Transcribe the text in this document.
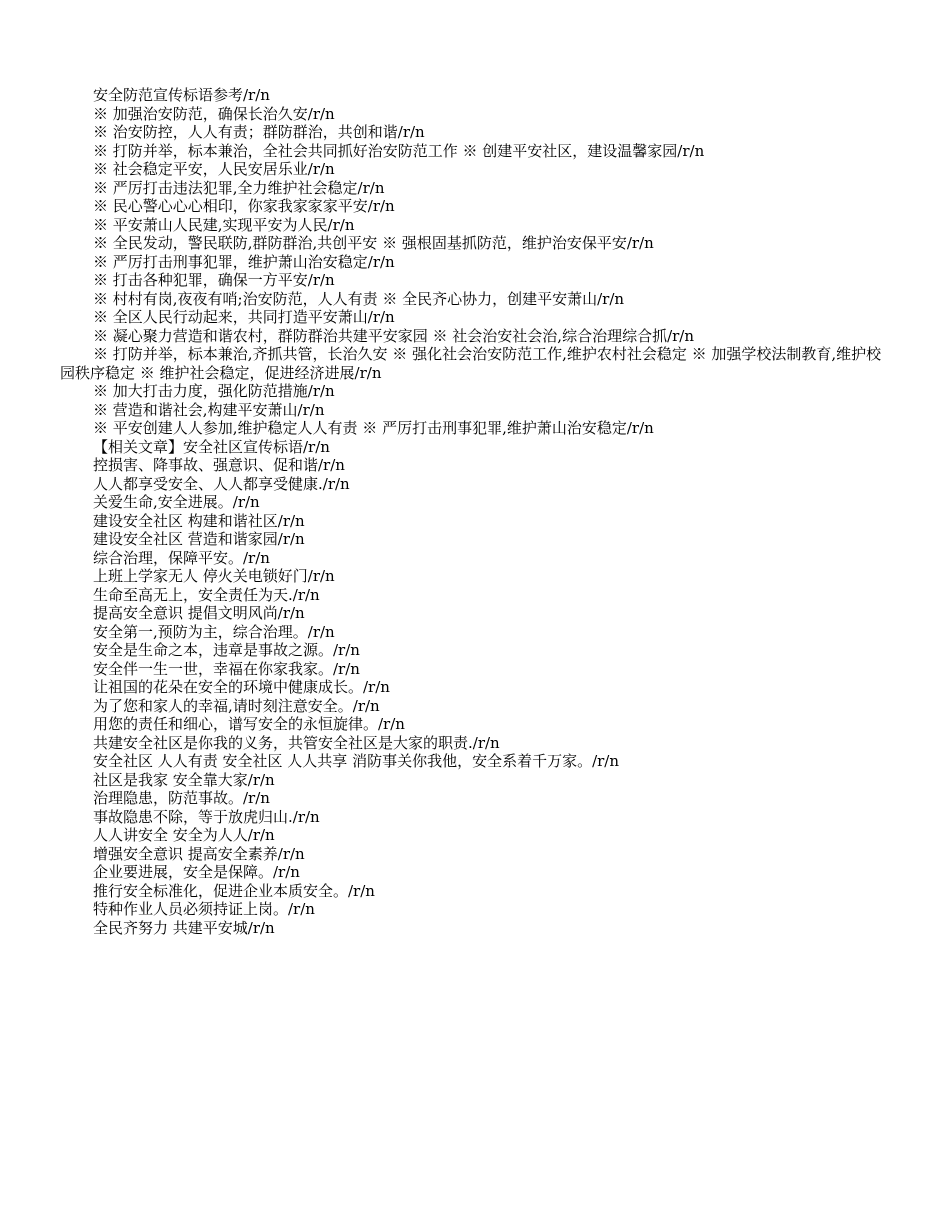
安全防范宣传标语参考/r/n

※ 加强治安防范，确保长治久安/r/n

※ 治安防控，人人有责；群防群治，共创和谐/r/n

※ 打防并举，标本兼治，全社会共同抓好治安防范工作 ※ 创建平安社区，建设温馨家园/r/n

※ 社会稳定平安，人民安居乐业/r/n

※ 严厉打击违法犯罪,全力维护社会稳定/r/n

※ 民心警心心心相印，你家我家家家平安/r/n

※ 平安萧山人民建,实现平安为人民/r/n

※ 全民发动，警民联防,群防群治,共创平安 ※ 强根固基抓防范，维护治安保平安/r/n

※ 严厉打击刑事犯罪，维护萧山治安稳定/r/n

※ 打击各种犯罪，确保一方平安/r/n

※ 村村有岗,夜夜有哨;治安防范，人人有责 ※ 全民齐心协力，创建平安萧山/r/n

※ 全区人民行动起来，共同打造平安萧山/r/n

※ 凝心聚力营造和谐农村，群防群治共建平安家园 ※ 社会治安社会治,综合治理综合抓/r/n

※ 打防并举，标本兼治,齐抓共管，长治久安 ※ 强化社会治安防范工作,维护农村社会稳定 ※ 加强学校法制教育,维护校园秩序稳定 ※ 维护社会稳定，促进经济进展/r/n

※ 加大打击力度，强化防范措施/r/n

※ 营造和谐社会,构建平安萧山/r/n

※ 平安创建人人参加,维护稳定人人有责 ※ 严厉打击刑事犯罪,维护萧山治安稳定/r/n

【相关文章】安全社区宣传标语/r/n

控损害、降事故、强意识、促和谐/r/n

人人都享受安全、人人都享受健康./r/n

关爱生命,安全进展。/r/n

建设安全社区 构建和谐社区/r/n

建设安全社区 营造和谐家园/r/n

综合治理，保障平安。/r/n

上班上学家无人 停火关电锁好门/r/n

生命至高无上，安全责任为天./r/n

提高安全意识 提倡文明风尚/r/n

安全第一,预防为主，综合治理。/r/n

安全是生命之本，违章是事故之源。/r/n

安全伴一生一世，幸福在你家我家。/r/n

让祖国的花朵在安全的环境中健康成长。/r/n

为了您和家人的幸福,请时刻注意安全。/r/n

用您的责任和细心，谱写安全的永恒旋律。/r/n

共建安全社区是你我的义务，共管安全社区是大家的职责./r/n

安全社区 人人有责 安全社区 人人共享 消防事关你我他，安全系着千万家。/r/n

社区是我家 安全靠大家/r/n

治理隐患，防范事故。/r/n

事故隐患不除，等于放虎归山./r/n

人人讲安全 安全为人人/r/n

增强安全意识 提高安全素养/r/n

企业要进展，安全是保障。/r/n

推行安全标准化，促进企业本质安全。/r/n

特种作业人员必须持证上岗。/r/n

全民齐努力 共建平安城/r/n
